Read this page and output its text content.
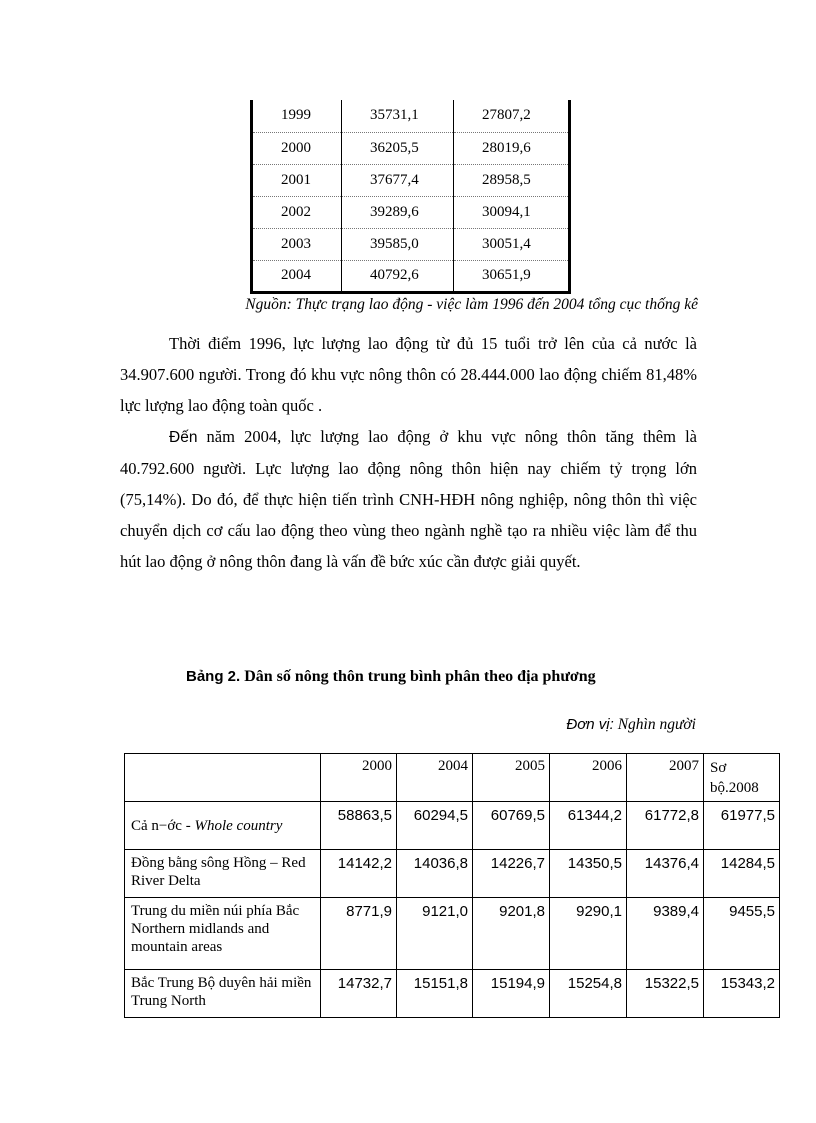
1999	35731,1	27807,2
2000	36205,5	28019,6
2001	37677,4	28958,5
2002	39289,6	30094,1
2003	39585,0	30051,4
2004	40792,6	30651,9
Nguồn: Thực trạng lao động - việc làm 1996 đến 2004 tổng cục thống kê

Thời điểm 1996, lực lượng lao động từ đủ 15 tuổi trở lên của cả nước là 34.907.600 người. Trong đó khu vực nông thôn có 28.444.000 lao động chiếm 81,48% lực lượng lao động toàn quốc .

Đến năm 2004, lực lượng lao động ở khu vực nông thôn tăng thêm là 40.792.600 người. Lực lượng lao động nông thôn hiện nay chiếm tỷ trọng lớn (75,14%). Do đó, để thực hiện tiến trình CNH-HĐH nông nghiệp, nông thôn thì việc chuyển dịch cơ cấu lao động theo vùng theo ngành nghề tạo ra nhiều việc làm để thu hút lao động ở nông thôn đang là vấn đề bức xúc cần được giải quyết.

Bảng 2. Dân số nông thôn trung bình phân theo địa phương
Đơn vị: Nghìn người
	2000	2004	2005	2006	2007	Sơ bộ.2008
Cả n−ớc - Whole country	58863,5	60294,5	60769,5	61344,2	61772,8	61977,5
Đồng bằng sông Hồng – Red River Delta	14142,2	14036,8	14226,7	14350,5	14376,4	14284,5
Trung du miền núi phía Bắc Northern midlands and mountain areas	8771,9	9121,0	9201,8	9290,1	9389,4	9455,5
Bắc Trung Bộ duyên hải miền Trung North	14732,7	15151,8	15194,9	15254,8	15322,5	15343,2
